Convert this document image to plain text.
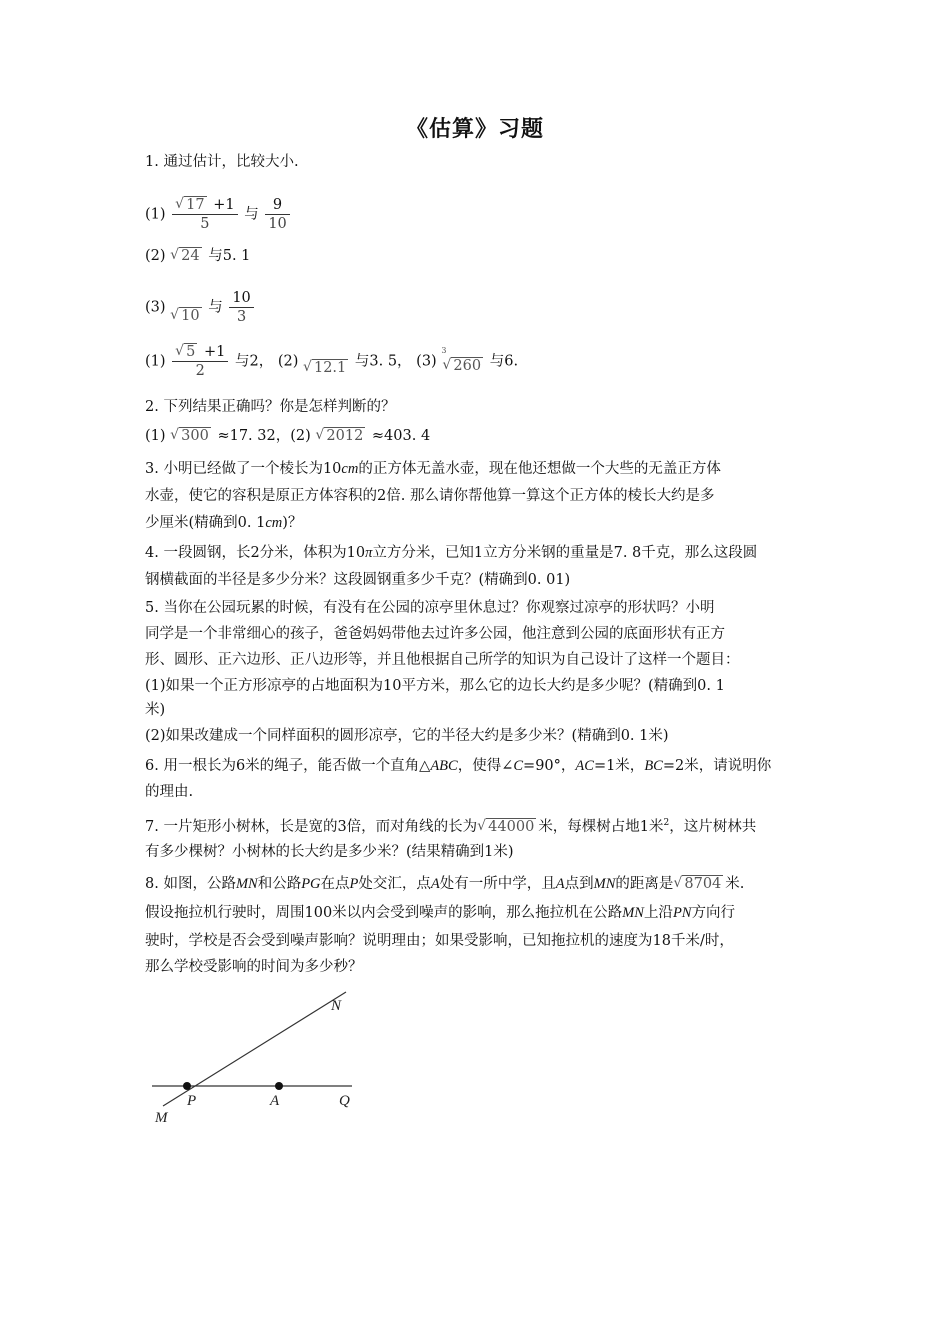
《估算》习题
1. 通过估计，比较大小.
$(1) \frac{√ 17 +1}{5}$ 与 $\frac{9}{10}$
(2) √ 24 与5. 1
(3) √ 10 与 $\frac{10}{3}$
$(1) \frac{√ 5 +1}{2}$ 与2， (2) √ 12.1 与3. 5， (3) $^3$
√ 260 与6.
2. 下列结果正确吗？你是怎样判断的？
(1) √ 300 ≈17. 32，(2) √ 2012 ≈403. 4
3. 小明已经做了一个棱长为10cm的正方体无盖水壶，现在他还想做一个大些的无盖正方体
水壶，使它的容积是原正方体容积的2倍. 那么请你帮他算一算这个正方体的棱长大约是多
少厘米(精确到0. 1cm)？
4. 一段圆钢，长2分米，体积为10π立方分米，已知1立方分米钢的重量是7. 8千克，那么这段圆
钢横截面的半径是多少分米？这段圆钢重多少千克？(精确到0. 01)
5. 当你在公园玩累的时候，有没有在公园的凉亭里休息过？你观察过凉亭的形状吗？小明
同学是一个非常细心的孩子，爸爸妈妈带他去过许多公园，他注意到公园的底面形状有正方
形、圆形、正六边形、正八边形等，并且他根据自己所学的知识为自己设计了这样一个题目：
(1)如果一个正方形凉亭的占地面积为10平方米，那么它的边长大约是多少呢？(精确到0. 1
米)
(2)如果改建成一个同样面积的圆形凉亭，它的半径大约是多少米？(精确到0. 1米)
6. 用一根长为6米的绳子，能否做一个直角△ABC，使得∠C=90°，AC=1米，BC=2米，请说明你
的理由.
7. 一片矩形小树林，长是宽的3倍，而对角线的长为 √ 44000 米，每棵树占地1米$^2$，这片树林共
有多少棵树？小树林的长大约是多少米？(结果精确到1米)
8. 如图，公路MN和公路PG在点P处交汇，点A处有一所中学，且A点到MN的距离是 √ 8704 米.
假设拖拉机行驶时，周围100米以内会受到噪声的影响，那么拖拉机在公路MN上沿PN方向行
驶时，学校是否会受到噪声影响？说明理由；如果受影响，已知拖拉机的速度为18千米/时，
那么学校受影响的时间为多少秒？
N
P	A	Q
M
